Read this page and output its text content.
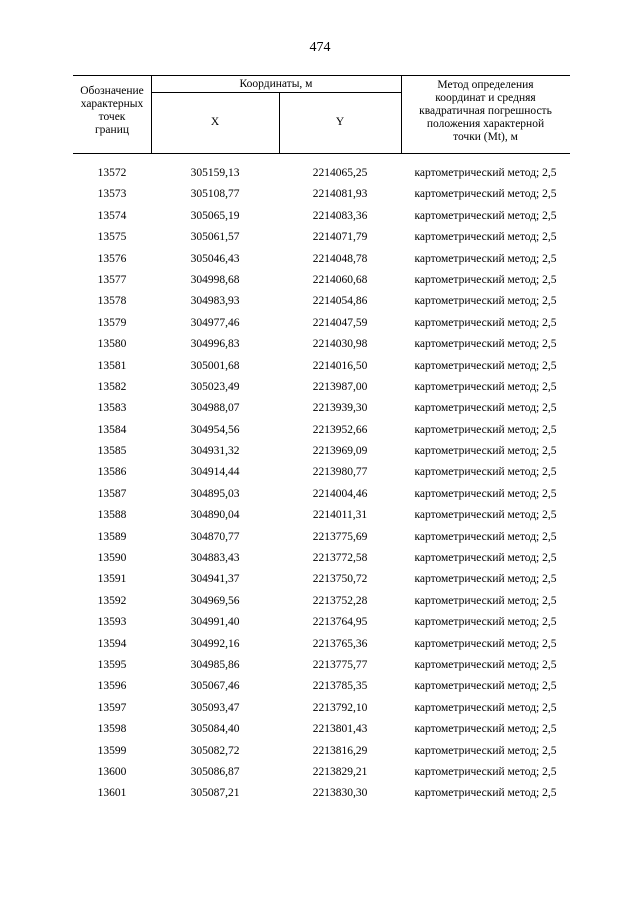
474
Обозначение
характерных
точек
границ
Координаты, м
X	Y
Метод определения
координат и средняя
квадратичная погрешность
положения характерной
точки (Mt), м
13572	305159,13	2214065,25	картометрический метод; 2,5
13573	305108,77	2214081,93	картометрический метод; 2,5
13574	305065,19	2214083,36	картометрический метод; 2,5
13575	305061,57	2214071,79	картометрический метод; 2,5
13576	305046,43	2214048,78	картометрический метод; 2,5
13577	304998,68	2214060,68	картометрический метод; 2,5
13578	304983,93	2214054,86	картометрический метод; 2,5
13579	304977,46	2214047,59	картометрический метод; 2,5
13580	304996,83	2214030,98	картометрический метод; 2,5
13581	305001,68	2214016,50	картометрический метод; 2,5
13582	305023,49	2213987,00	картометрический метод; 2,5
13583	304988,07	2213939,30	картометрический метод; 2,5
13584	304954,56	2213952,66	картометрический метод; 2,5
13585	304931,32	2213969,09	картометрический метод; 2,5
13586	304914,44	2213980,77	картометрический метод; 2,5
13587	304895,03	2214004,46	картометрический метод; 2,5
13588	304890,04	2214011,31	картометрический метод; 2,5
13589	304870,77	2213775,69	картометрический метод; 2,5
13590	304883,43	2213772,58	картометрический метод; 2,5
13591	304941,37	2213750,72	картометрический метод; 2,5
13592	304969,56	2213752,28	картометрический метод; 2,5
13593	304991,40	2213764,95	картометрический метод; 2,5
13594	304992,16	2213765,36	картометрический метод; 2,5
13595	304985,86	2213775,77	картометрический метод; 2,5
13596	305067,46	2213785,35	картометрический метод; 2,5
13597	305093,47	2213792,10	картометрический метод; 2,5
13598	305084,40	2213801,43	картометрический метод; 2,5
13599	305082,72	2213816,29	картометрический метод; 2,5
13600	305086,87	2213829,21	картометрический метод; 2,5
13601	305087,21	2213830,30	картометрический метод; 2,5
